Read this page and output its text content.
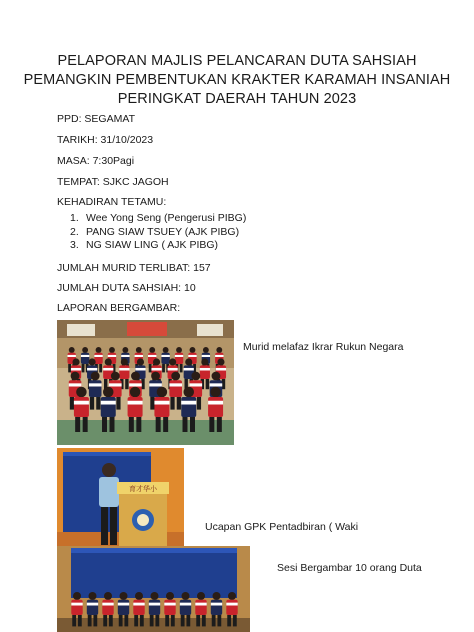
PELAPORAN MAJLIS PELANCARAN DUTA SAHSIAH
PEMANGKIN PEMBENTUKAN KRAKTER KARAMAH INSANIAH
PERINGKAT DAERAH TAHUN 2023
PPD: SEGAMAT
TARIKH: 31/10/2023
MASA: 7:30Pagi
TEMPAT: SJKC JAGOH
KEHADIRAN TETAMU:
1. Wee Yong Seng (Pengerusi PIBG)
2. PANG SIAW TSUEY (AJK PIBG)
3. NG SIAW LING ( AJK PIBG)
JUMLAH MURID TERLIBAT: 157
JUMLAH DUTA SAHSIAH: 10
LAPORAN BERGAMBAR:
Murid melafaz Ikrar Rukun Negara
育才华小
Ucapan GPK Pentadbiran ( Waki
Sesi Bergambar 10 orang Duta
